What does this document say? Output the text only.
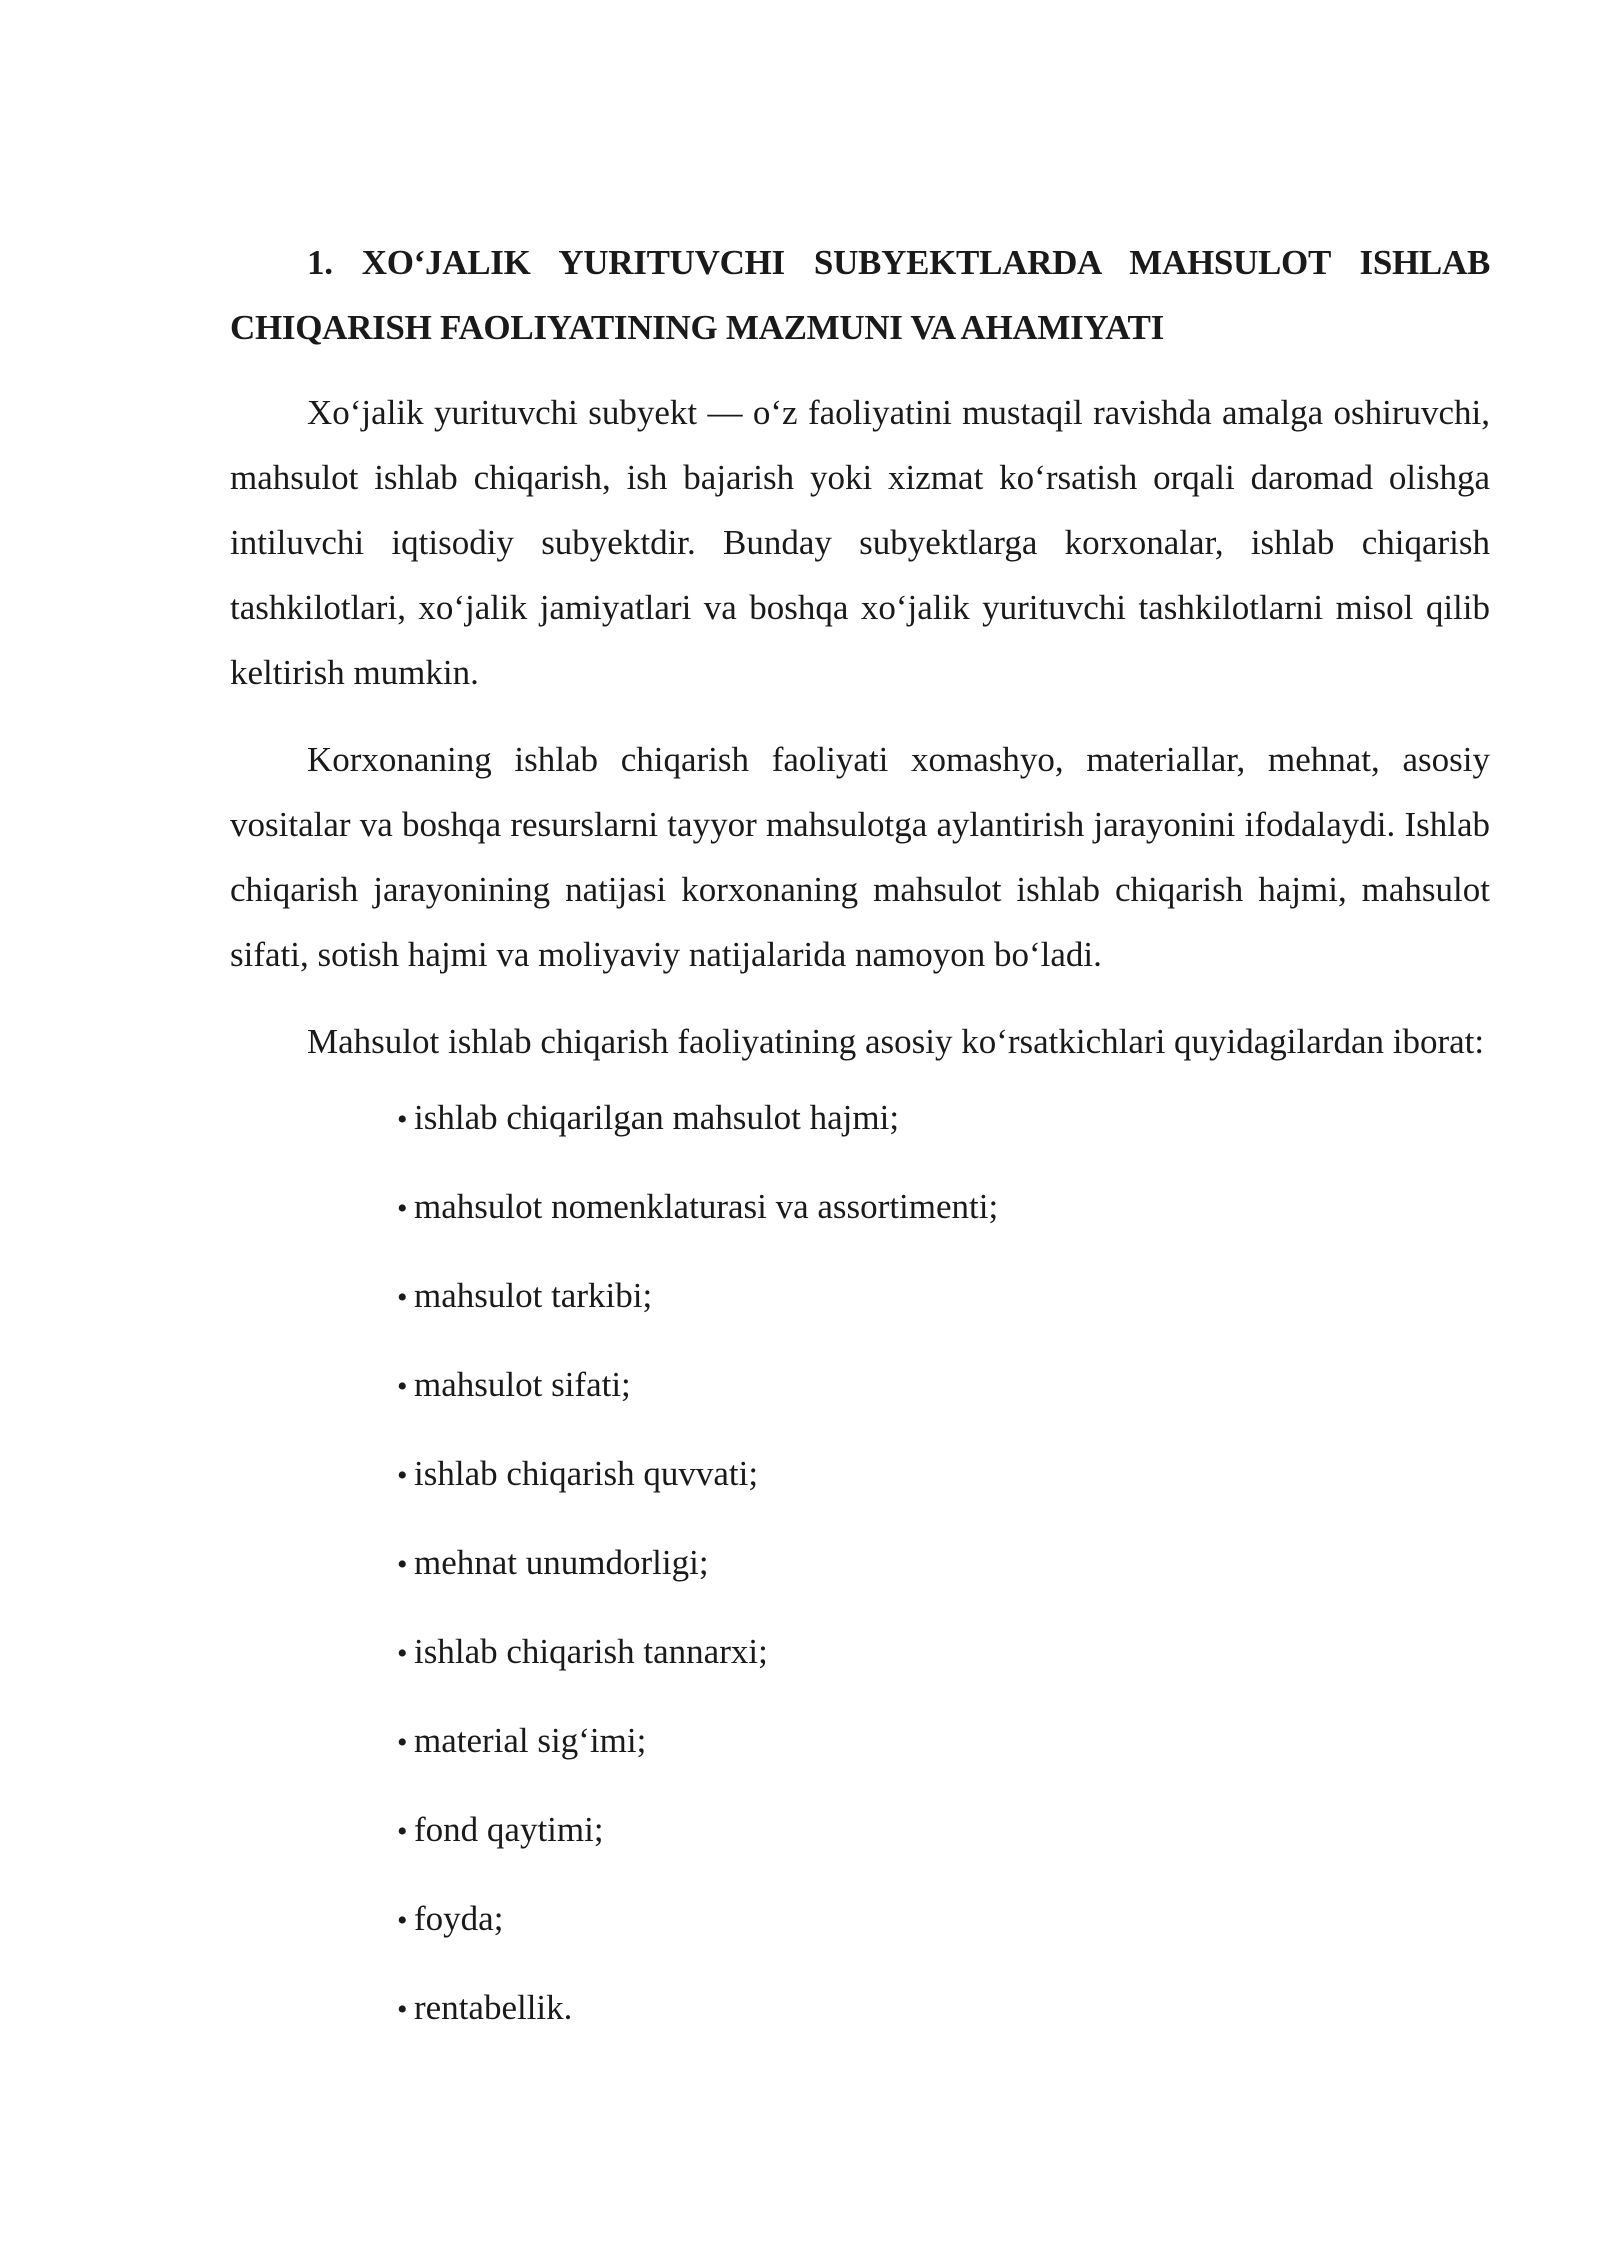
1. XO‘JALIK YURITUVCHI SUBYEKTLARDA MAHSULOT ISHLAB CHIQARISH FAOLIYATINING MAZMUNI VA AHAMIYATI

Xo‘jalik yurituvchi subyekt — o‘z faoliyatini mustaqil ravishda amalga oshiruvchi, mahsulot ishlab chiqarish, ish bajarish yoki xizmat ko‘rsatish orqali daromad olishga intiluvchi iqtisodiy subyektdir. Bunday subyektlarga korxonalar, ishlab chiqarish tashkilotlari, xo‘jalik jamiyatlari va boshqa xo‘jalik yurituvchi tashkilotlarni misol qilib keltirish mumkin.

Korxonaning ishlab chiqarish faoliyati xomashyo, materiallar, mehnat, asosiy vositalar va boshqa resurslarni tayyor mahsulotga aylantirish jarayonini ifodalaydi. Ishlab chiqarish jarayonining natijasi korxonaning mahsulot ishlab chiqarish hajmi, mahsulot sifati, sotish hajmi va moliyaviy natijalarida namoyon bo‘ladi.

Mahsulot ishlab chiqarish faoliyatining asosiy ko‘rsatkichlari quyidagilardan iborat:

• ishlab chiqarilgan mahsulot hajmi;
• mahsulot nomenklaturasi va assortimenti;
• mahsulot tarkibi;
• mahsulot sifati;
• ishlab chiqarish quvvati;
• mehnat unumdorligi;
• ishlab chiqarish tannarxi;
• material sig‘imi;
• fond qaytimi;
• foyda;
• rentabellik.
